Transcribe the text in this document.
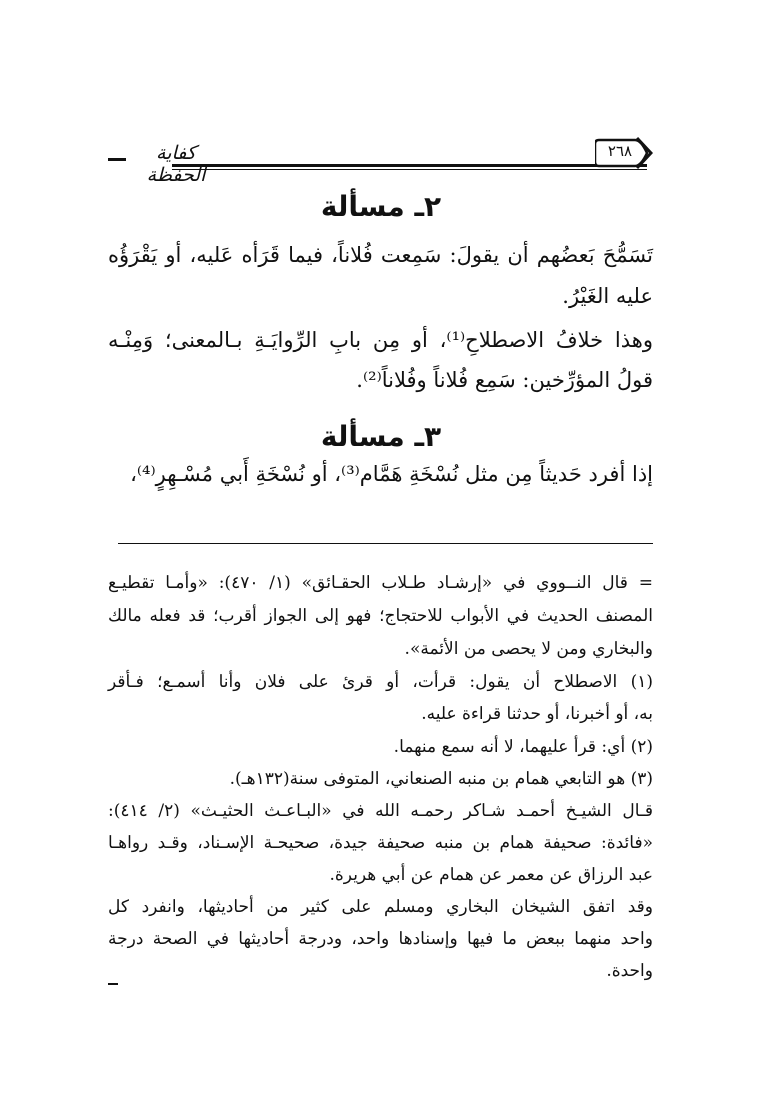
كفاية الحفظة
٢٦٨
٢ـ مسألة
تَسَمُّحَ بَعضُهم أن يقولَ: سَمِعت فُلاناً، فيما قَرَأه عَليه، أو يَقْرَؤُه
عليه الغَيْرُ.
وهذا خلافُ الاصطلاحِ⁽¹⁾، أو مِن بابِ الرِّوايَـةِ بـالمعنى؛ وَمِنْـه
قولُ المؤرِّخين: سَمِع فُلاناً وفُلاناً⁽²⁾.
٣ـ مسألة
إذا أفرد حَديثاً مِن مثل نُسْخَةِ هَمَّام⁽³⁾، أو نُسْخَةِ أَبي مُسْـهِرٍ⁽⁴⁾،
= قال النــووي في «إرشـاد طـلاب الحقـائق» (١/ ٤٧٠): «وأمـا تقطيـع
المصنف الحديث في الأبواب للاحتجاج؛ فهو إلى الجواز أقرب؛ قد فعله مالك
والبخاري ومن لا يحصى من الأئمة».
(١) الاصطلاح أن يقول: قرأت، أو قرئ على فلان وأنا أسمـع؛ فـأقر
به، أو أخبرنا، أو حدثنا قراءة عليه.
(٢) أي: قرأ عليهما، لا أنه سمع منهما.
(٣) هو التابعي همام بن منبه الصنعاني، المتوفى سنة(١٣٢هـ).
قـال الشيـخ أحمـد شـاكر رحمـه الله في «البـاعـث الحثيـث» (٢/ ٤١٤):
«فائدة: صحيفة همام بن منبه صحيفة جيدة، صحيحـة الإسـناد، وقـد رواهـا
عبد الرزاق عن معمر عن همام عن أبي هريرة.
وقد اتفق الشيخان البخاري ومسلم على كثير من أحاديثها، وانفرد كل
واحد منهما ببعض ما فيها وإسنادها واحد، ودرجة أحاديثها في الصحة درجة
واحدة.
